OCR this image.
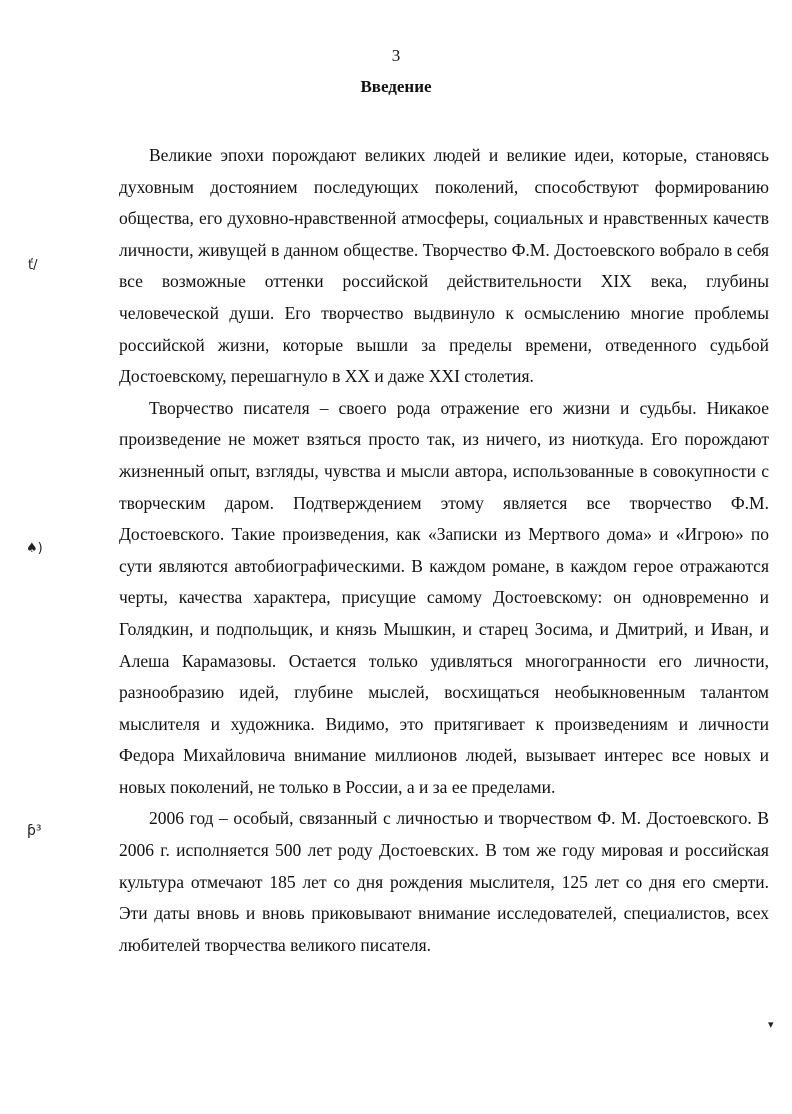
3
Введение

Великие эпохи порождают великих людей и великие идеи, которые, становясь духовным достоянием последующих поколений, способствуют формированию общества, его духовно-нравственной атмосферы, социальных и нравственных качеств личности, живущей в данном обществе. Творчество Ф.М. Достоевского вобрало в себя все возможные оттенки российской действительности XIX века, глубины человеческой души. Его творчество выдвинуло к осмыслению многие проблемы российской жизни, которые вышли за пределы времени, отведенного судьбой Достоевскому, перешагнуло в XX и даже XXI столетия.

Творчество писателя – своего рода отражение его жизни и судьбы. Никакое произведение не может взяться просто так, из ничего, из ниоткуда. Его порождают жизненный опыт, взгляды, чувства и мысли автора, использованные в совокупности с творческим даром. Подтверждением этому является все творчество Ф.М. Достоевского. Такие произведения, как «Записки из Мертвого дома» и «Игрою» по сути являются автобиографическими. В каждом романе, в каждом герое отражаются черты, качества характера, присущие самому Достоевскому: он одновременно и Голядкин, и подпольщик, и князь Мышкин, и старец Зосима, и Дмитрий, и Иван, и Алеша Карамазовы. Остается только удивляться многогранности его личности, разнообразию идей, глубине мыслей, восхищаться необыкновенным талантом мыслителя и художника. Видимо, это притягивает к произведениям и личности Федора Михайловича внимание миллионов людей, вызывает интерес все новых и новых поколений, не только в России, а и за ее пределами.

2006 год – особый, связанный с личностью и творчеством Ф. М. Достоевского. В 2006 г. исполняется 500 лет роду Достоевских. В том же году мировая и российская культура отмечают 185 лет со дня рождения мыслителя, 125 лет со дня его смерти. Эти даты вновь и вновь приковывают внимание исследователей, специалистов, всех любителей творчества великого писателя.

ť/
♠)
ƥ³
▾
